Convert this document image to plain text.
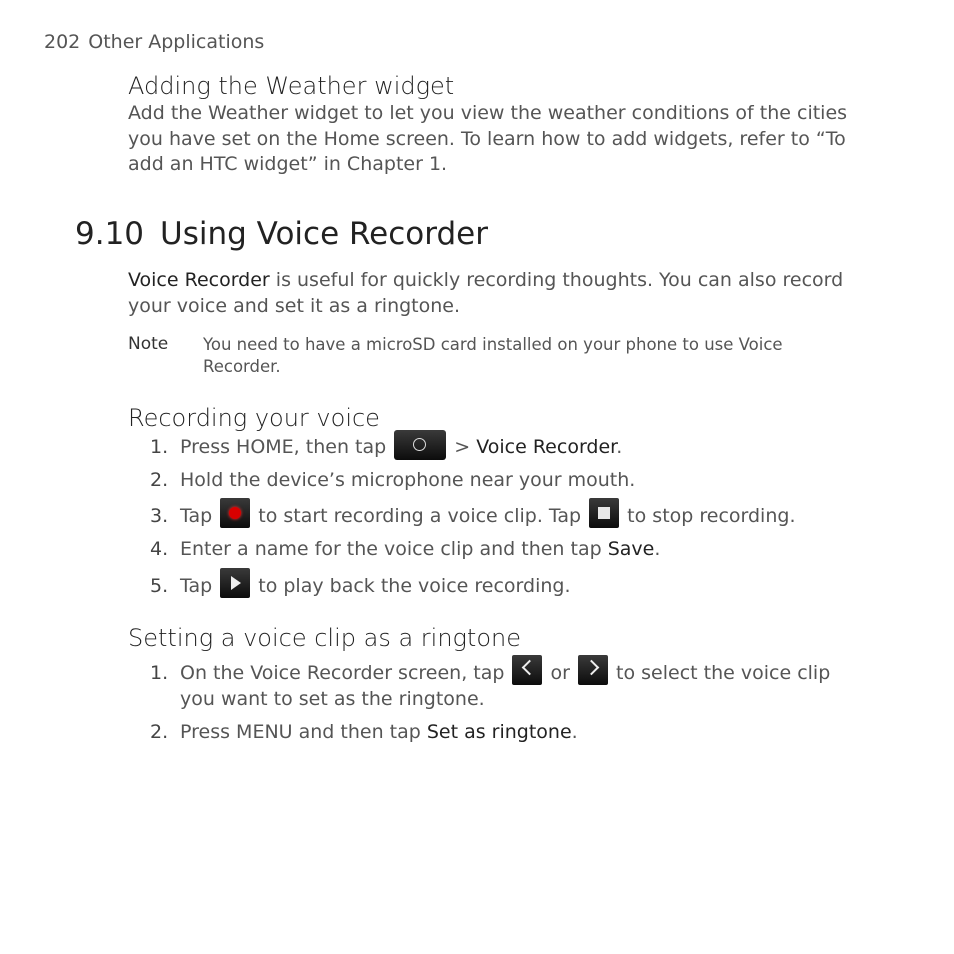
202 Other Applications
Adding the Weather widget
Add the Weather widget to let you view the weather conditions of the cities you have set on the Home screen. To learn how to add widgets, refer to “To add an HTC widget” in Chapter 1.
9.10 Using Voice Recorder
Voice Recorder is useful for quickly recording thoughts. You can also record your voice and set it as a ringtone.
Note You need to have a microSD card installed on your phone to use Voice Recorder.
Recording your voice
1. Press HOME, then tap	> Voice Recorder.
2. Hold the device’s microphone near your mouth.
3. Tap
to start recording a voice clip. Tap
to stop recording.
4. Enter a name for the voice clip and then tap Save.
5. Tap
to play back the voice recording.
Setting a voice clip as a ringtone
1. On the Voice Recorder screen, tap
or
to select the voice clip you want to set as the ringtone.
2. Press MENU and then tap Set as ringtone.
